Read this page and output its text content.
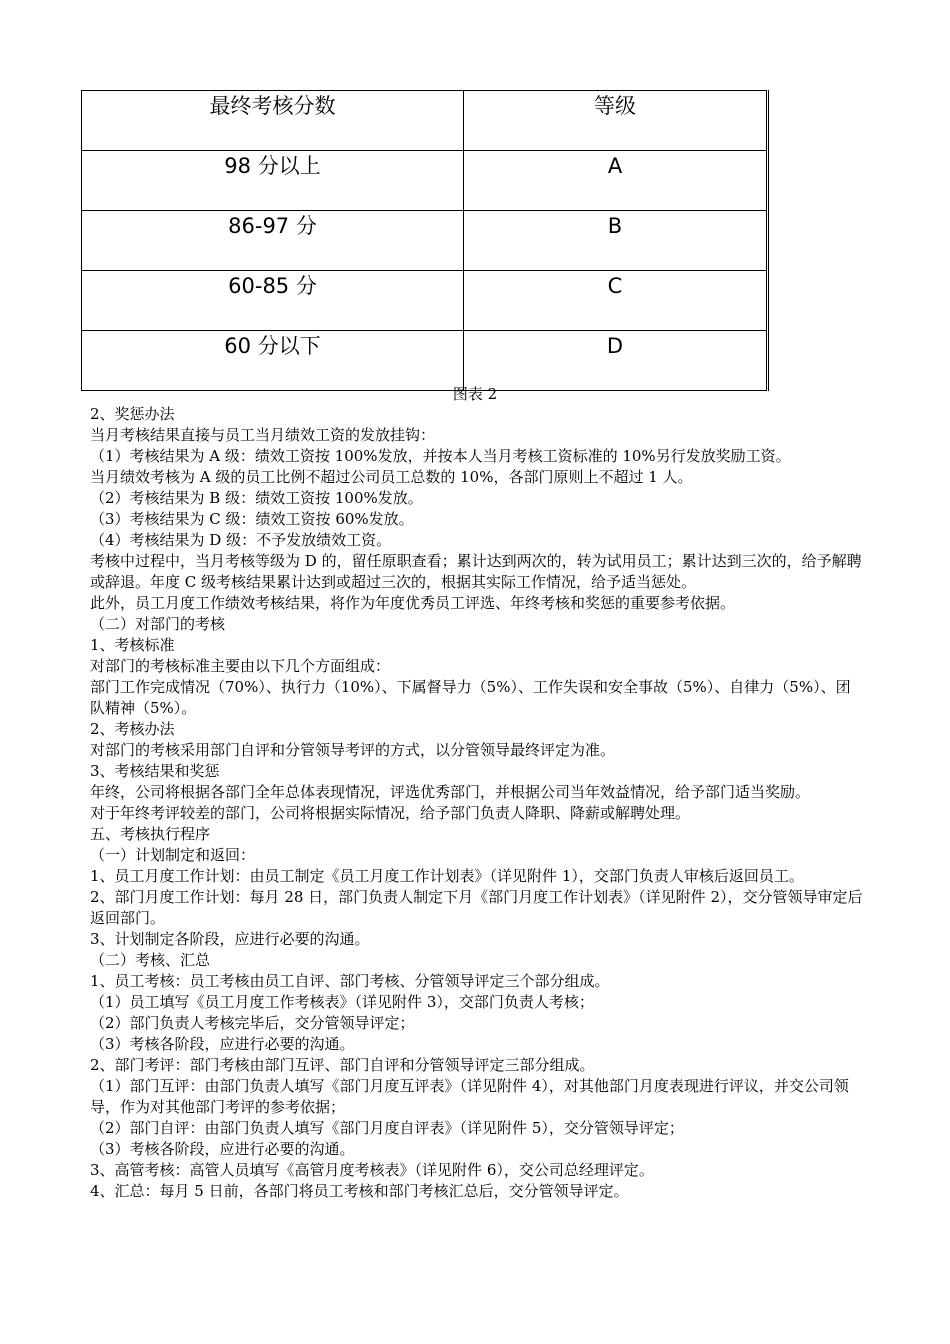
最终考核分数	等级
98 分以上	A
86-97 分	B
60-85 分	C
60 分以下	D
图表 2

2、奖惩办法

当月考核结果直接与员工当月绩效工资的发放挂钩：

（1）考核结果为 A 级：绩效工资按 100%发放，并按本人当月考核工资标准的 10%另行发放奖励工资。

当月绩效考核为 A 级的员工比例不超过公司员工总数的 10%，各部门原则上不超过 1 人。

（2）考核结果为 B 级：绩效工资按 100%发放。

（3）考核结果为 C 级：绩效工资按 60%发放。

（4）考核结果为 D 级：不予发放绩效工资。

考核中过程中，当月考核等级为 D 的，留任原职查看；累计达到两次的，转为试用员工；累计达到三次的，给予解聘或辞退。年度 C 级考核结果累计达到或超过三次的，根据其实际工作情况，给予适当惩处。

此外，员工月度工作绩效考核结果，将作为年度优秀员工评选、年终考核和奖惩的重要参考依据。

（二）对部门的考核

1、考核标准

对部门的考核标准主要由以下几个方面组成：

部门工作完成情况（70%）、执行力（10%）、下属督导力（5%）、工作失误和安全事故（5%）、自律力（5%）、团队精神（5%）。

2、考核办法

对部门的考核采用部门自评和分管领导考评的方式，以分管领导最终评定为准。

3、考核结果和奖惩

年终，公司将根据各部门全年总体表现情况，评选优秀部门，并根据公司当年效益情况，给予部门适当奖励。

对于年终考评较差的部门，公司将根据实际情况，给予部门负责人降职、降薪或解聘处理。

五、考核执行程序

（一）计划制定和返回：

1、员工月度工作计划：由员工制定《员工月度工作计划表》（详见附件 1），交部门负责人审核后返回员工。

2、部门月度工作计划：每月 28 日，部门负责人制定下月《部门月度工作计划表》（详见附件 2），交分管领导审定后返回部门。

3、计划制定各阶段，应进行必要的沟通。

（二）考核、汇总

1、员工考核：员工考核由员工自评、部门考核、分管领导评定三个部分组成。

（1）员工填写《员工月度工作考核表》（详见附件 3），交部门负责人考核；

（2）部门负责人考核完毕后，交分管领导评定；

（3）考核各阶段，应进行必要的沟通。

2、部门考评：部门考核由部门互评、部门自评和分管领导评定三部分组成。

（1）部门互评：由部门负责人填写《部门月度互评表》（详见附件 4），对其他部门月度表现进行评议，并交公司领导，作为对其他部门考评的参考依据；

（2）部门自评：由部门负责人填写《部门月度自评表》（详见附件 5），交分管领导评定；

（3）考核各阶段，应进行必要的沟通。

3、高管考核：高管人员填写《高管月度考核表》（详见附件 6），交公司总经理评定。

4、汇总：每月 5 日前，各部门将员工考核和部门考核汇总后，交分管领导评定。
